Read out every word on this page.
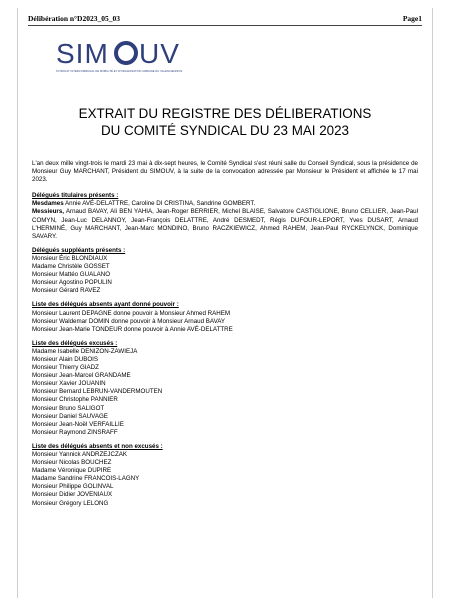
Délibération n°D2023_05_03	Page1
SIM UV
SYNDICAT INTERCOMMUNAL DE MOBILITÉ ET D'ORGANISATION URBAINE DU VALENCIENNOIS
EXTRAIT DU REGISTRE DES DÉLIBERATIONS
DU COMITÉ SYNDICAL DU 23 MAI 2023

L'an deux mille vingt-trois le mardi 23 mai à dix-sept heures, le Comité Syndical s'est réuni salle du Conseil Syndical, sous la présidence de Monsieur Guy MARCHANT, Président du SIMOUV, à la suite de la convocation adressée par Monsieur le Président et affichée le 17 mai 2023.

Délégués titulaires présents :

Mesdames Annie AVÉ-DELATTRE, Caroline DI CRISTINA, Sandrine GOMBERT.

Messieurs, Arnaud BAVAY, Ali BEN YAHIA, Jean-Roger BERRIER, Michel BLAISE, Salvatore CASTIGLIONE, Bruno CELLIER, Jean-Paul COMYN, Jean-Luc DELANNOY, Jean-François DELATTRE, André DESMEDT, Régis DUFOUR-LEPORT, Yves DUSART, Arnaud L'HERMINÉ, Guy MARCHANT, Jean-Marc MONDINO, Bruno RACZKIEWICZ, Ahmed RAHEM, Jean-Paul RYCKELYNCK, Dominique SAVARY.

Délégués suppléants présents :
Monsieur Éric BLONDIAUX
Madame Christèle GOSSET
Monsieur Mattéo GUALANO
Monsieur Agostino POPULIN
Monsieur Gérard RAVEZ
Liste des délégués absents ayant donné pouvoir :
Monsieur Laurent DEPAGNE donne pouvoir à Monsieur Ahmed RAHEM
Monsieur Waldemar DOMIN donne pouvoir à Monsieur Arnaud BAVAY
Monsieur Jean-Marie TONDEUR donne pouvoir à Annie AVÉ-DELATTRE
Liste des délégués excusés :
Madame Isabelle DENIZON-ZAWIEJA
Monsieur Alain DUBOIS
Monsieur Thierry GIADZ
Monsieur Jean-Marcel GRANDAME
Monsieur Xavier JOUANIN
Monsieur Bernard LEBRUN-VANDERMOUTEN
Monsieur Christophe PANNIER
Monsieur Bruno SALIGOT
Monsieur Daniel SAUVAGE
Monsieur Jean-Noël VERFAILLIE
Monsieur Raymond ZINSRAFF
Liste des délégués absents et non excusés :
Monsieur Yannick ANDRZEJCZAK
Monsieur Nicolas BOUCHEZ
Madame Véronique DUPIRE
Madame Sandrine FRANCOIS-LAGNY
Monsieur Philippe GOLINVAL
Monsieur Didier JOVENIAUX
Monsieur Grégory LELONG
